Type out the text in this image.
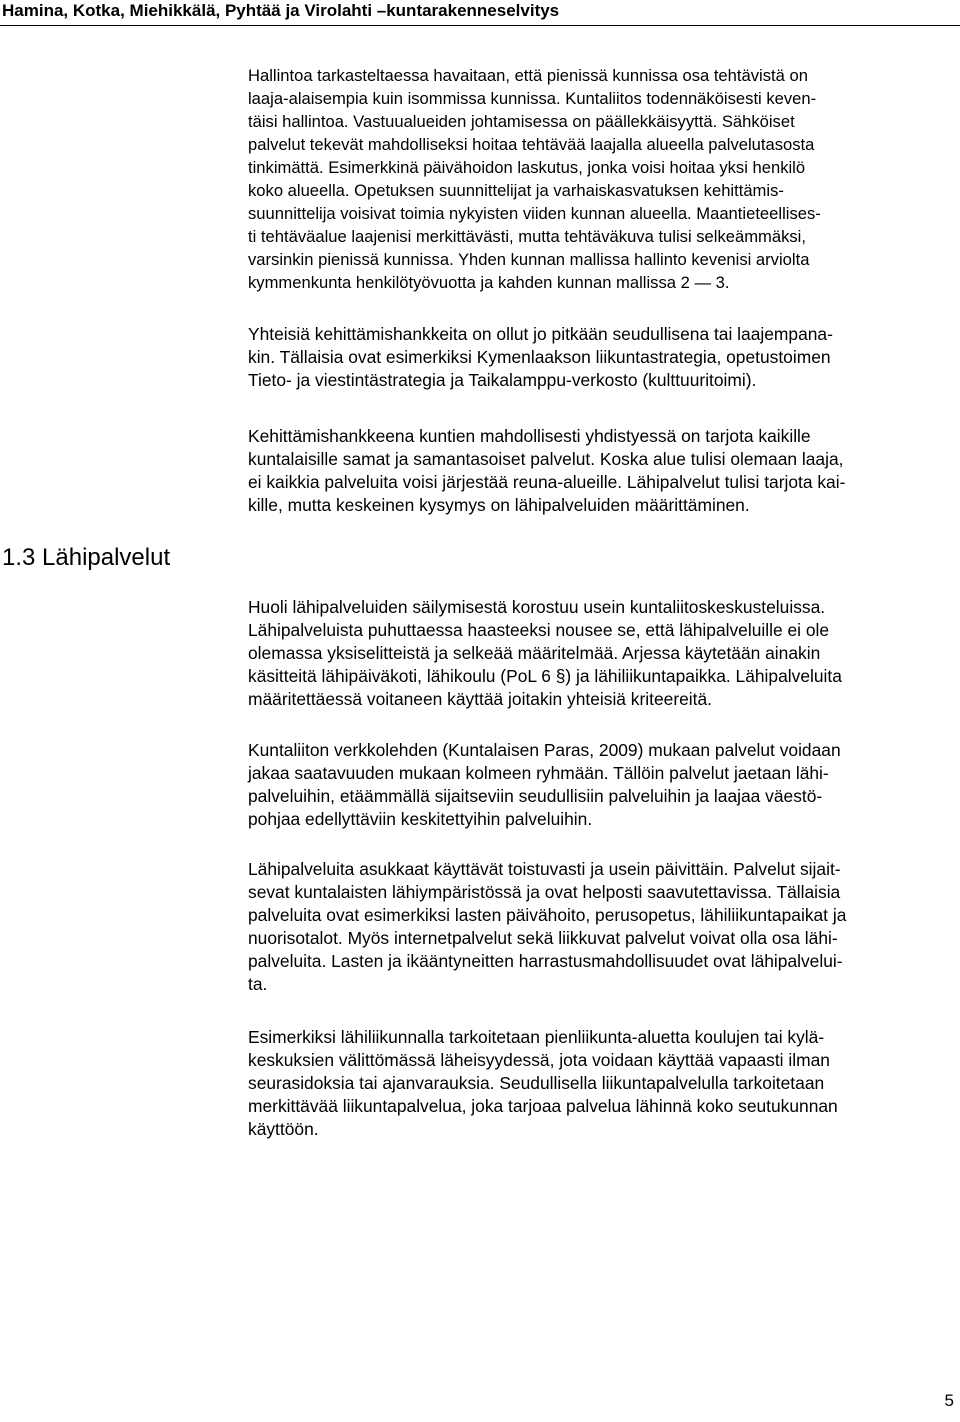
Hamina, Kotka, Miehikkälä, Pyhtää ja Virolahti –kuntarakenneselvitys
1.3 Lähipalvelut
Hallintoa tarkasteltaessa havaitaan, että pienissä kunnissa osa tehtävistä on
laaja-alaisempia kuin isommissa kunnissa. Kuntaliitos todennäköisesti keven-
täisi hallintoa. Vastuualueiden johtamisessa on päällekkäisyyttä. Sähköiset
palvelut tekevät mahdolliseksi hoitaa tehtävää laajalla alueella palvelutasosta
tinkimättä. Esimerkkinä päivähoidon laskutus, jonka voisi hoitaa yksi henkilö
koko alueella. Opetuksen suunnittelijat ja varhaiskasvatuksen kehittämis-
suunnittelija voisivat toimia nykyisten viiden kunnan alueella. Maantieteellises-
ti tehtäväalue laajenisi merkittävästi, mutta tehtäväkuva tulisi selkeämmäksi,
varsinkin pienissä kunnissa. Yhden kunnan mallissa hallinto kevenisi arviolta
kymmenkunta henkilötyövuotta ja kahden kunnan mallissa 2 — 3.
Yhteisiä kehittämishankkeita on ollut jo pitkään seudullisena tai laajempana-
kin. Tällaisia ovat esimerkiksi Kymenlaakson liikuntastrategia, opetustoimen
Tieto- ja viestintästrategia ja Taikalamppu-verkosto (kulttuuritoimi).
Kehittämishankkeena kuntien mahdollisesti yhdistyessä on tarjota kaikille
kuntalaisille samat ja samantasoiset palvelut. Koska alue tulisi olemaan laaja,
ei kaikkia palveluita voisi järjestää reuna-alueille. Lähipalvelut tulisi tarjota kai-
kille, mutta keskeinen kysymys on lähipalveluiden määrittäminen.
Huoli lähipalveluiden säilymisestä korostuu usein kuntaliitoskeskusteluissa.
Lähipalveluista puhuttaessa haasteeksi nousee se, että lähipalveluille ei ole
olemassa yksiselitteistä ja selkeää määritelmää. Arjessa käytetään ainakin
käsitteitä lähipäiväkoti, lähikoulu (PoL 6 §) ja lähiliikuntapaikka. Lähipalveluita
määritettäessä voitaneen käyttää joitakin yhteisiä kriteereitä.
Kuntaliiton verkkolehden (Kuntalaisen Paras, 2009) mukaan palvelut voidaan
jakaa saatavuuden mukaan kolmeen ryhmään. Tällöin palvelut jaetaan lähi-
palveluihin, etäämmällä sijaitseviin seudullisiin palveluihin ja laajaa väestö-
pohjaa edellyttäviin keskitettyihin palveluihin.
Lähipalveluita asukkaat käyttävät toistuvasti ja usein päivittäin. Palvelut sijait-
sevat kuntalaisten lähiympäristössä ja ovat helposti saavutettavissa. Tällaisia
palveluita ovat esimerkiksi lasten päivähoito, perusopetus, lähiliikuntapaikat ja
nuorisotalot. Myös internetpalvelut sekä liikkuvat palvelut voivat olla osa lähi-
palveluita. Lasten ja ikääntyneitten harrastusmahdollisuudet ovat lähipalvelui-
ta.
Esimerkiksi lähiliikunnalla tarkoitetaan pienliikunta-aluetta koulujen tai kylä-
keskuksien välittömässä läheisyydessä, jota voidaan käyttää vapaasti ilman
seurasidoksia tai ajanvarauksia. Seudullisella liikuntapalvelulla tarkoitetaan
merkittävää liikuntapalvelua, joka tarjoaa palvelua lähinnä koko seutukunnan
käyttöön.
5
